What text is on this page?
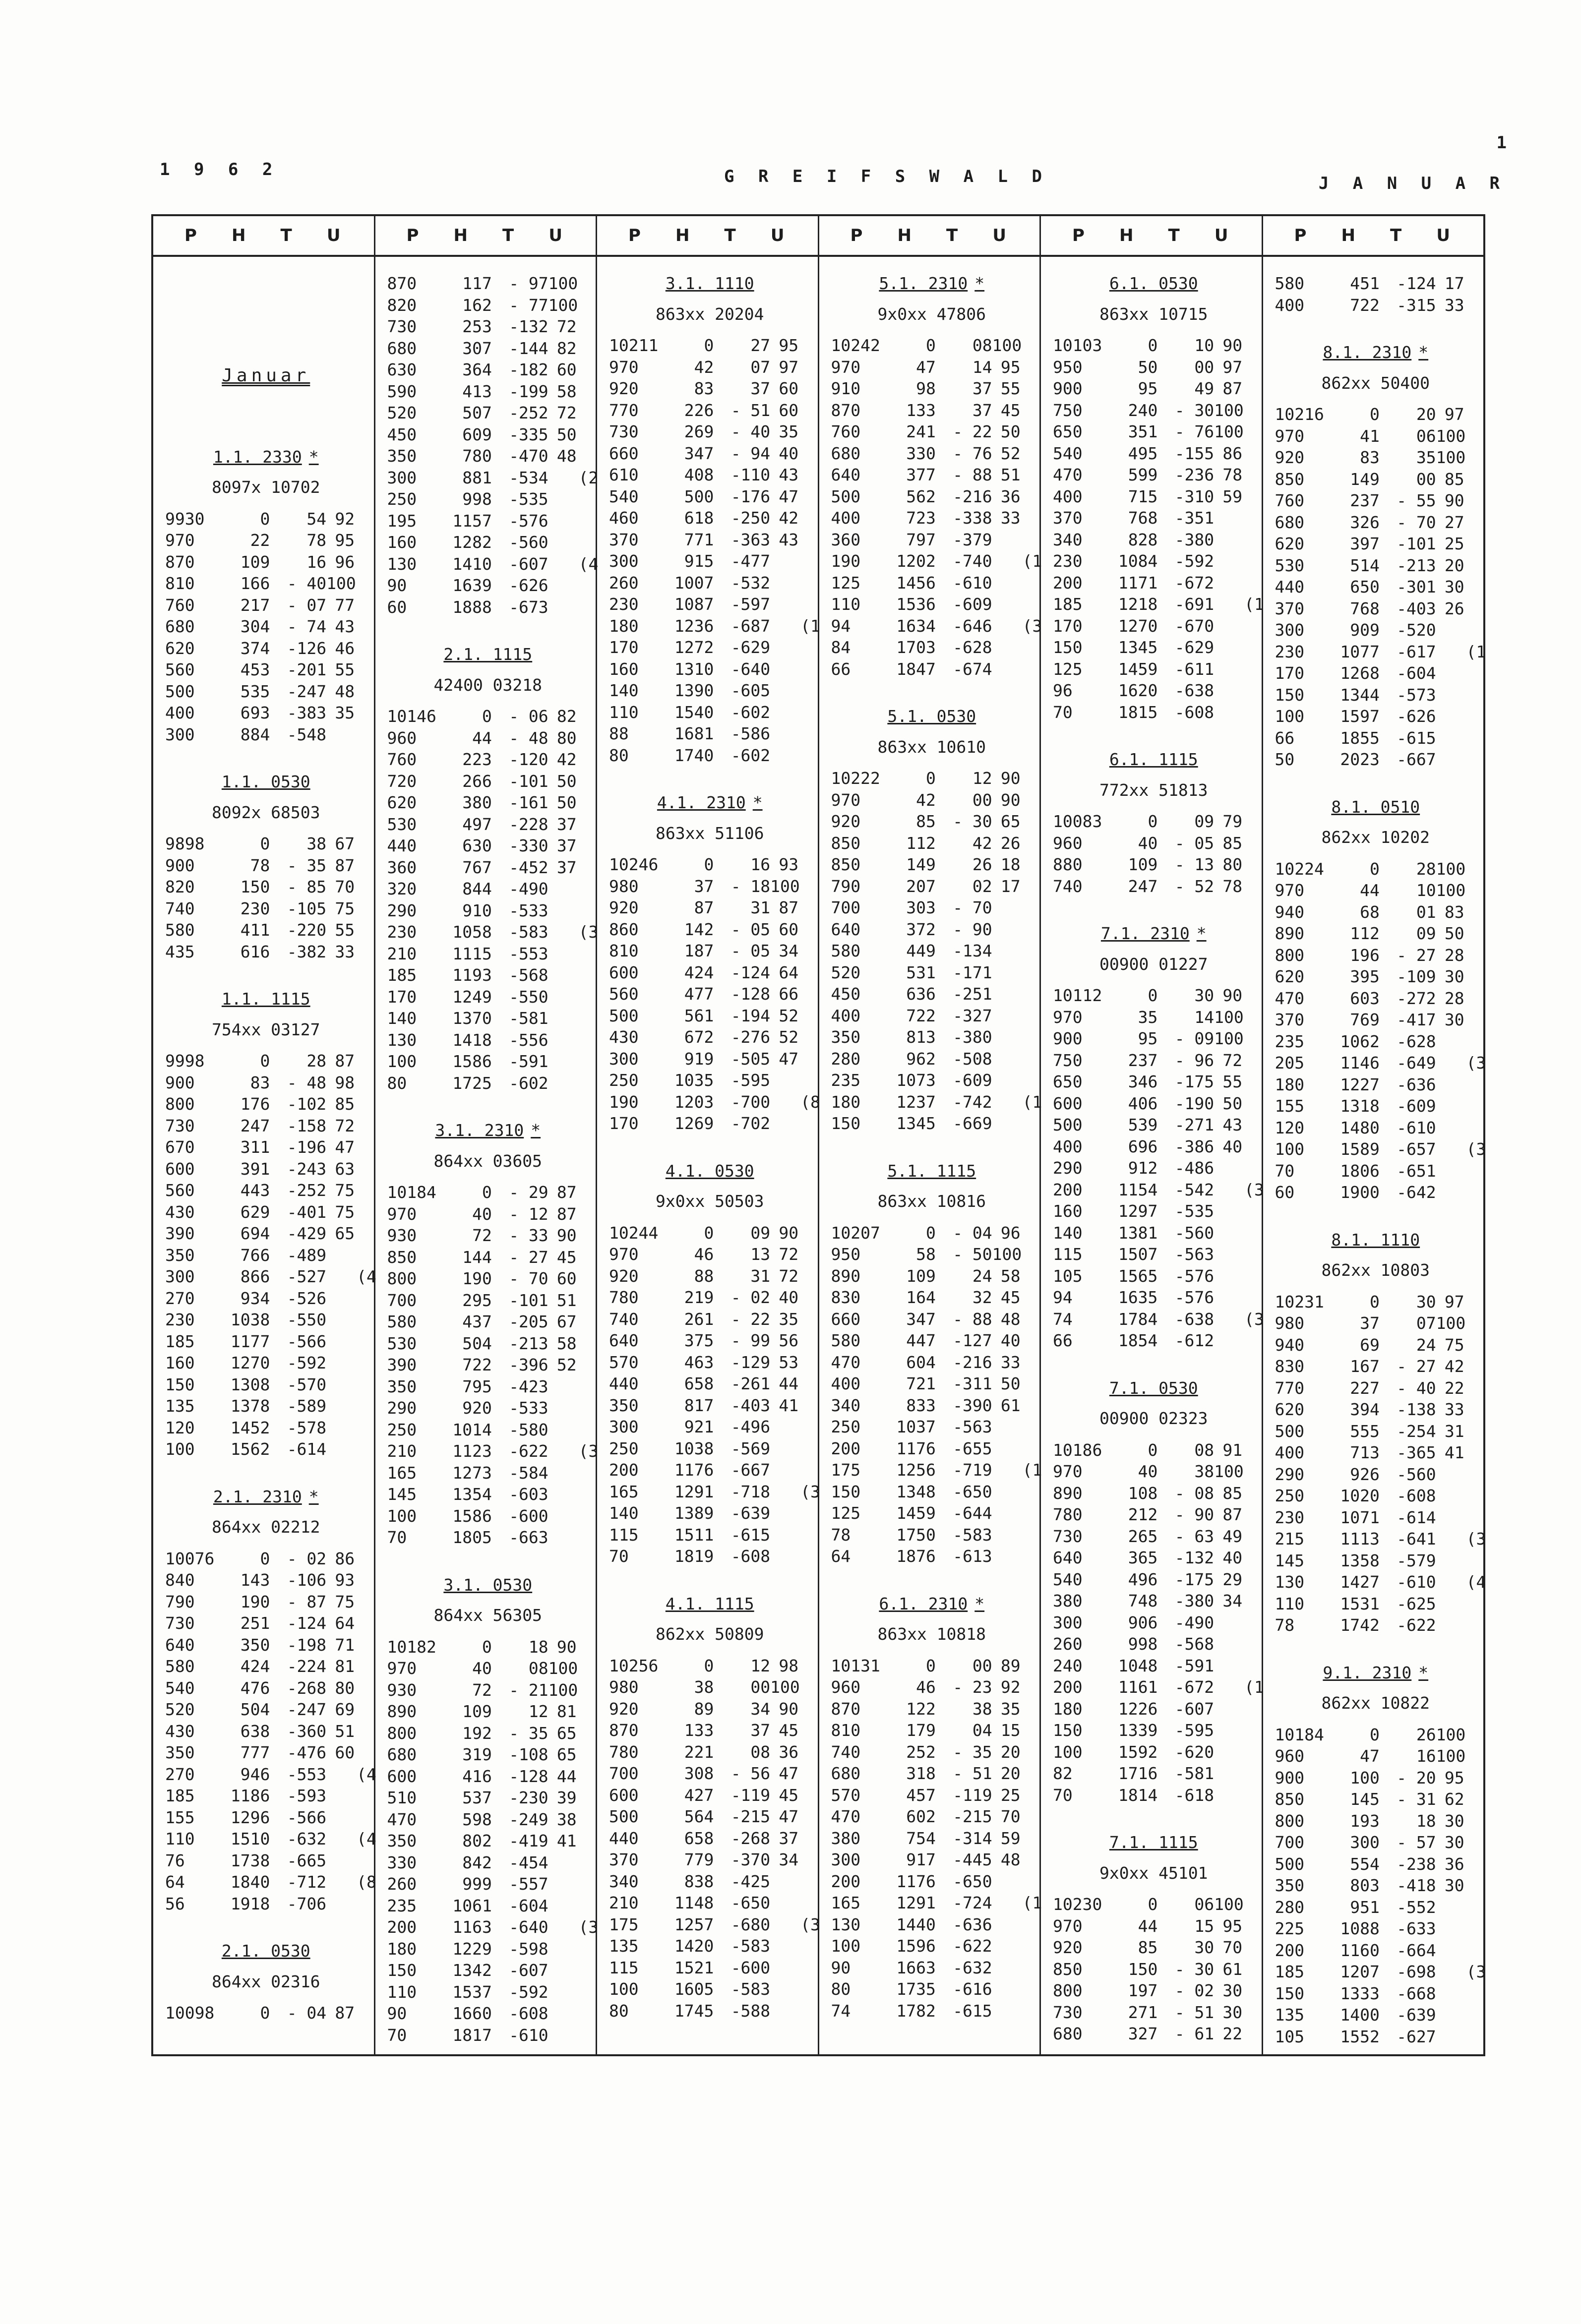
1
1 9 6 2	G R E I F S W A L D	J A N U A R
P H T U
Januar
1.1. 2330 *
8097x 10702
9930	0	54 92
970	22	78 95
870	109	16 96
810	166	- 40 100
760	217	- 07 77
680	304	- 74 43
620	374	-126 46
560	453	-201 55
500	535	-247 48
400	693	-383 35
300	884	-548

1.1. 0530
8092x 68503
9898	0	38 67
900	78	- 35 87
820	150	- 85 70
740	230	-105 75
580	411	-220 55
435	616	-382 33
1.1. 1115
754xx 03127
9998	0	28 87
900	83	- 48 98
800	176	-102 85
730	247	-158 72
670	311	-196 47
600	391	-243 63
560	443	-252 75
430	629	-401 75
390	694	-429 65
350	766	-489
300	866	-527 (4
270	934	-526
230	1038	-550
185	1177	-566
160	1270	-592
150	1308	-570
135	1378	-589
120	1452	-578
100	1562	-614
2.1. 2310 *
864xx 02212
10076	0	- 02 86
840	143	-106 93
790	190	- 87 75
730	251	-124 64
640	350	-198 71
580	424	-224 81
540	476	-268 80
520	504	-247 69
430	638	-360 51
350	777	-476 60
270	946	-553 (4
185	1186	-593
155	1296	-566
110	1510	-632 (4
76	1738	-665
64	1840	-712 (8
56	1918	-706
2.1. 0530
864xx 02316
10098	0	- 04 87
P H T U
870	117	- 97 100
820	162	- 77 100
730	253	-132 72
680	307	-144 82
630	364	-182 60
590	413	-199 58
520	507	-252 72
450	609	-335 50
350	780	-470 48
300	881	-534 (2
250	998	-535
195	1157	-576
160	1282	-560
130	1410	-607 (4
90	1639	-626
60	1888	-673
2.1. 1115
42400 03218
10146	0	- 06 82
960	44	- 48 80
760	223	-120 42
720	266	-101 50
620	380	-161 50
530	497	-228 37
440	630	-330 37
360	767	-452 37
320	844	-490
290	910	-533
230	1058	-583 (3
210	1115	-553
185	1193	-568
170	1249	-550
140	1370	-581
130	1418	-556
100	1586	-591
80	1725	-602
3.1. 2310 *
864xx 03605
10184	0	- 29 87
970	40	- 12 87
930	72	- 33 90
850	144	- 27 45
800	190	- 70 60
700	295	-101 51
580	437	-205 67
530	504	-213 58
390	722	-396 52
350	795	-423
290	920	-533
250	1014	-580
210	1123	-622 (3
165	1273	-584
145	1354	-603
100	1586	-600
70	1805	-663
3.1. 0530
864xx 56305
10182	0	18 90
970	40	08 100
930	72	- 21 100
890	109	12 81
800	192	- 35 65
680	319	-108 65
600	416	-128 44
510	537	-230 39
470	598	-249 38
350	802	-419 41
330	842	-454
260	999	-557
235	1061	-604
200	1163	-640 (3
180	1229	-598
150	1342	-607
110	1537	-592
90	1660	-608
70	1817	-610
P H T U
3.1. 1110
863xx 20204
10211	0	27 95
970	42	07 97
920	83	37 60
770	226	- 51 60
730	269	- 40 35
660	347	- 94 40
610	408	-110 43
540	500	-176 47
460	618	-250 42
370	771	-363 43
300	915	-477
260	1007	-532
230	1087	-597
180	1236	-687 (1
170	1272	-629
160	1310	-640
140	1390	-605
110	1540	-602
88	1681	-586
80	1740	-602
4.1. 2310 *
863xx 51106
10246	0	16 93
980	37	- 18 100
920	87	31 87
860	142	- 05 60
810	187	- 05 34
600	424	-124 64
560	477	-128 66
500	561	-194 52
430	672	-276 52
300	919	-505 47
250	1035	-595
190	1203	-700 (8
170	1269	-702
4.1. 0530
9x0xx 50503
10244	0	09 90
970	46	13 72
920	88	31 72
780	219	- 02 40
740	261	- 22 35
640	375	- 99 56
570	463	-129 53
440	658	-261 44
350	817	-403 41
300	921	-496
250	1038	-569
200	1176	-667
165	1291	-718 (3
140	1389	-639
115	1511	-615
70	1819	-608
4.1. 1115
862xx 50809
10256	0	12 98
980	38	00 100
920	89	34 90
870	133	37 45
780	221	08 36
700	308	- 56 47
600	427	-119 45
500	564	-215 47
440	658	-268 37
370	779	-370 34
340	838	-425
210	1148	-650
175	1257	-680 (3
135	1420	-583
115	1521	-600
100	1605	-583
80	1745	-588
P H T U
5.1. 2310 *
9x0xx 47806
10242	0	08 100
970	47	14 95
910	98	37 55
870	133	37 45
760	241	- 22 50
680	330	- 76 52
640	377	- 88 51
500	562	-216 36
400	723	-338 33
360	797	-379
190	1202	-740 (1
125	1456	-610
110	1536	-609
94	1634	-646 (3
84	1703	-628
66	1847	-674
5.1. 0530
863xx 10610
10222	0	12 90
970	42	00 90
920	85	- 30 65
850	112	42 26
850	149	26 18
790	207	02 17
700	303	- 70
640	372	- 90
580	449	-134
520	531	-171
450	636	-251
400	722	-327
350	813	-380
280	962	-508
235	1073	-609
180	1237	-742 (1
150	1345	-669
5.1. 1115
863xx 10816
10207	0	- 04 96
950	58	- 50 100
890	109	24 58
830	164	32 45
660	347	- 88 48
580	447	-127 40
470	604	-216 33
400	721	-311 50
340	833	-390 61
250	1037	-563
200	1176	-655
175	1256	-719 (1
150	1348	-650
125	1459	-644
78	1750	-583
64	1876	-613
6.1. 2310 *
863xx 10818
10131	0	00 89
960	46	- 23 92
870	122	38 35
810	179	04 15
740	252	- 35 20
680	318	- 51 20
570	457	-119 25
470	602	-215 70
380	754	-314 59
300	917	-445 48
200	1176	-650
165	1291	-724 (1
130	1440	-636
100	1596	-622
90	1663	-632
80	1735	-616
74	1782	-615
P H T U
6.1. 0530
863xx 10715
10103	0	10 90
950	50	00 97
900	95	49 87
750	240	- 30 100
650	351	- 76 100
540	495	-155 86
470	599	-236 78
400	715	-310 59
370	768	-351
340	828	-380
230	1084	-592
200	1171	-672
185	1218	-691 (1
170	1270	-670
150	1345	-629
125	1459	-611
96	1620	-638
70	1815	-608
6.1. 1115
772xx 51813
10083	0	09 79
960	40	- 05 85
880	109	- 13 80
740	247	- 52 78
7.1. 2310 *
00900 01227
10112	0	30 90
970	35	14 100
900	95	- 09 100
750	237	- 96 72
650	346	-175 55
600	406	-190 50
500	539	-271 43
400	696	-386 40
290	912	-486
200	1154	-542 (3
160	1297	-535
140	1381	-560
115	1507	-563
105	1565	-576
94	1635	-576
74	1784	-638 (3
66	1854	-612
7.1. 0530
00900 02323
10186	0	08 91
970	40	38 100
890	108	- 08 85
780	212	- 90 87
730	265	- 63 49
640	365	-132 40
540	496	-175 29
380	748	-380 34
300	906	-490
260	998	-568
240	1048	-591
200	1161	-672 (1
180	1226	-607
150	1339	-595
100	1592	-620
82	1716	-581
70	1814	-618
7.1. 1115
9x0xx 45101
10230	0	06 100
970	44	15 95
920	85	30 70
850	150	- 30 61
800	197	- 02 30
730	271	- 51 30
680	327	- 61 22
P H T U
580	451	-124 17
400	722	-315 33
8.1. 2310 *
862xx 50400
10216	0	20 97
970	41	06 100
920	83	35 100
850	149	00 85
760	237	- 55 90
680	326	- 70 27
620	397	-101 25
530	514	-213 20
440	650	-301 30
370	768	-403 26
300	909	-520
230	1077	-617 (1
170	1268	-604
150	1344	-573
100	1597	-626
66	1855	-615
50	2023	-667
8.1. 0510
862xx 10202
10224	0	28 100
970	44	10 100
940	68	01 83
890	112	09 50
800	196	- 27 28
620	395	-109 30
470	603	-272 28
370	769	-417 30
235	1062	-628
205	1146	-649 (3
180	1227	-636
155	1318	-609
120	1480	-610
100	1589	-657 (3
70	1806	-651
60	1900	-642
8.1. 1110
862xx 10803
10231	0	30 97
980	37	07 100
940	69	24 75
830	167	- 27 42
770	227	- 40 22
620	394	-138 33
500	555	-254 31
400	713	-365 41
290	926	-560
250	1020	-608
230	1071	-614
215	1113	-641 (3
145	1358	-579
130	1427	-610 (4
110	1531	-625
78	1742	-622
9.1. 2310 *
862xx 10822
10184	0	26 100
960	47	16 100
900	100	- 20 95
850	145	- 31 62
800	193	18 30
700	300	- 57 30
500	554	-238 36
350	803	-418 30
280	951	-552
225	1088	-633
200	1160	-664
185	1207	-698 (3
150	1333	-668
135	1400	-639
105	1552	-627
